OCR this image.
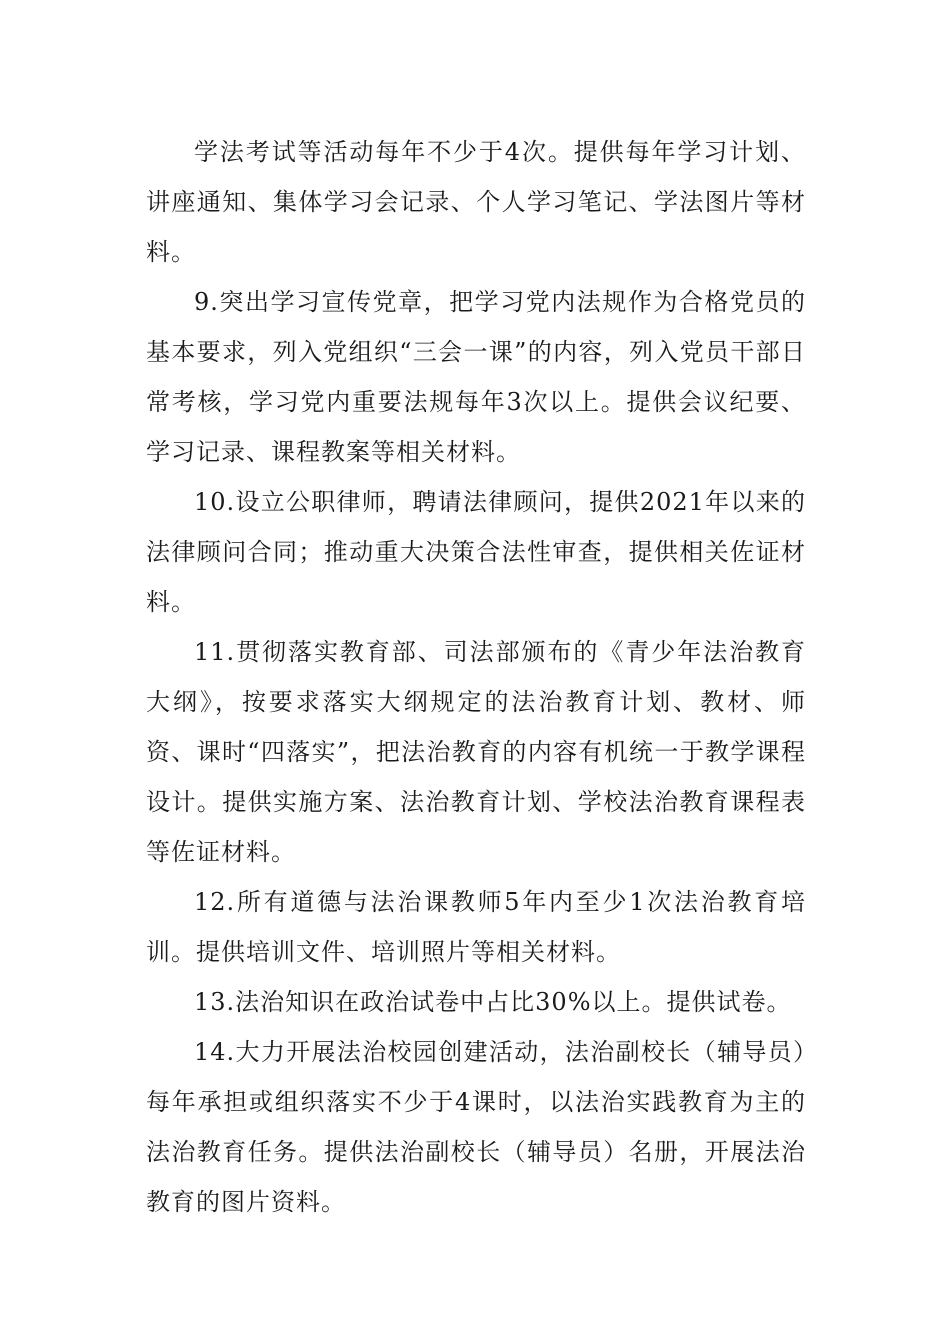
学法考试等活动每年不少于4次。提供每年学习计划、讲座通知、集体学习会记录、个人学习笔记、学法图片等材料。

9.突出学习宣传党章，把学习党内法规作为合格党员的基本要求，列入党组织“三会一课”的内容，列入党员干部日常考核，学习党内重要法规每年3次以上。提供会议纪要、学习记录、课程教案等相关材料。

10.设立公职律师，聘请法律顾问，提供2021年以来的法律顾问合同；推动重大决策合法性审查，提供相关佐证材料。

11.贯彻落实教育部、司法部颁布的《青少年法治教育大纲》，按要求落实大纲规定的法治教育计划、教材、师资、课时“四落实”，把法治教育的内容有机统一于教学课程设计。提供实施方案、法治教育计划、学校法治教育课程表等佐证材料。

12.所有道德与法治课教师5年内至少1次法治教育培训。提供培训文件、培训照片等相关材料。

13.法治知识在政治试卷中占比30%以上。提供试卷。

14.大力开展法治校园创建活动，法治副校长（辅导员）每年承担或组织落实不少于4课时，以法治实践教育为主的法治教育任务。提供法治副校长（辅导员）名册，开展法治教育的图片资料。
